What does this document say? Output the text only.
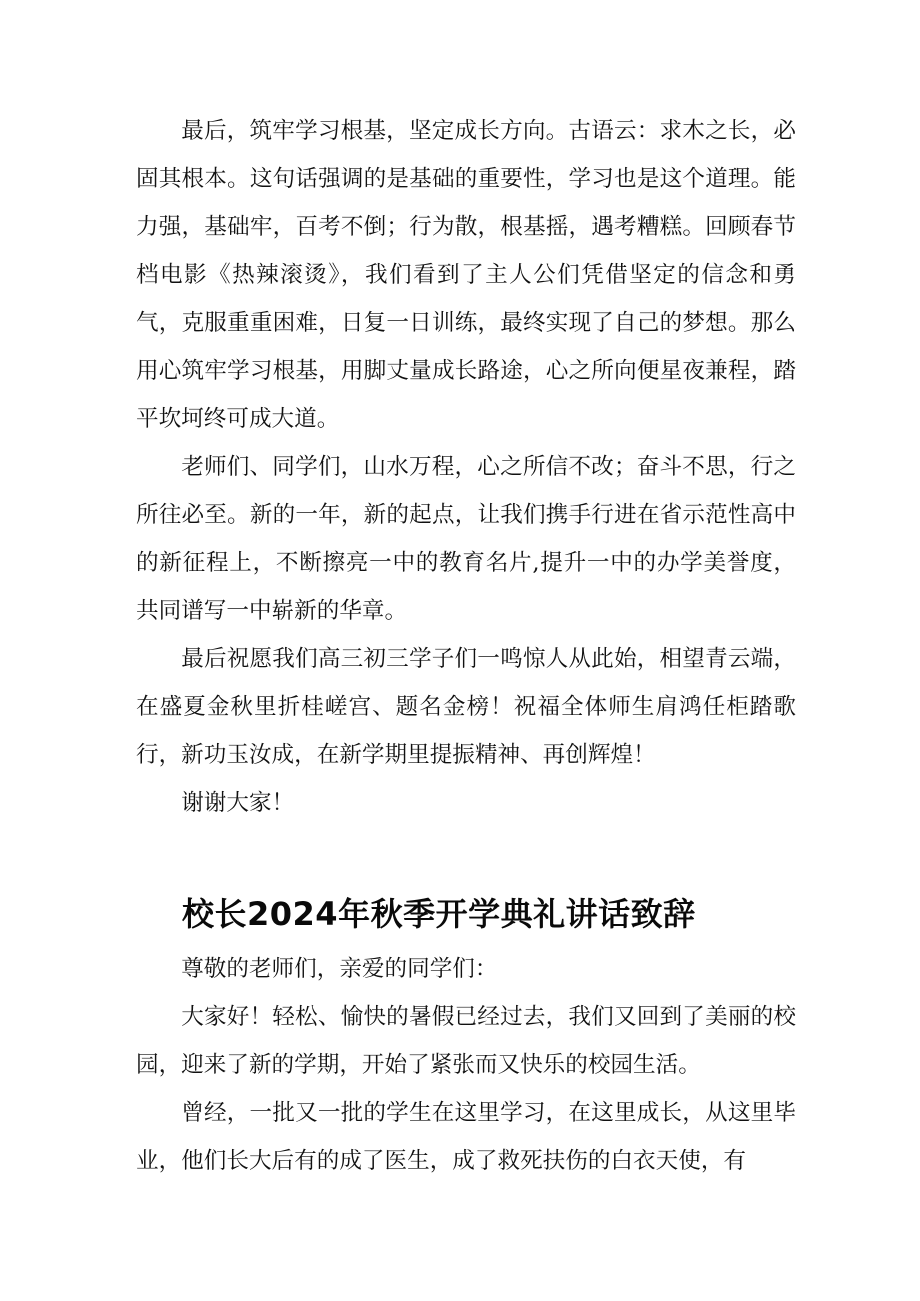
最后，筑牢学习根基，坚定成长方向。古语云：求木之长，必固其根本。这句话强调的是基础的重要性，学习也是这个道理。能力强，基础牢，百考不倒；行为散，根基摇，遇考糟糕。回顾春节档电影《热辣滚烫》，我们看到了主人公们凭借坚定的信念和勇气，克服重重困难，日复一日训练，最终实现了自己的梦想。那么用心筑牢学习根基，用脚丈量成长路途，心之所向便星夜兼程，踏平坎坷终可成大道。

老师们、同学们，山水万程，心之所信不改；奋斗不思，行之所往必至。新的一年，新的起点，让我们携手行进在省示范性高中的新征程上，不断擦亮一中的教育名片,提升一中的办学美誉度，共同谱写一中崭新的华章。

最后祝愿我们高三初三学子们一鸣惊人从此始，相望青云端，在盛夏金秋里折桂嵯宫、题名金榜！祝福全体师生肩鸿任柜踏歌行，新功玉汝成，在新学期里提振精神、再创辉煌！

谢谢大家！

校长2024年秋季开学典礼讲话致辞

尊敬的老师们，亲爱的同学们：

大家好！轻松、愉快的暑假已经过去，我们又回到了美丽的校园，迎来了新的学期，开始了紧张而又快乐的校园生活。

曾经，一批又一批的学生在这里学习，在这里成长，从这里毕业，他们长大后有的成了医生，成了救死扶伤的白衣天使，有
